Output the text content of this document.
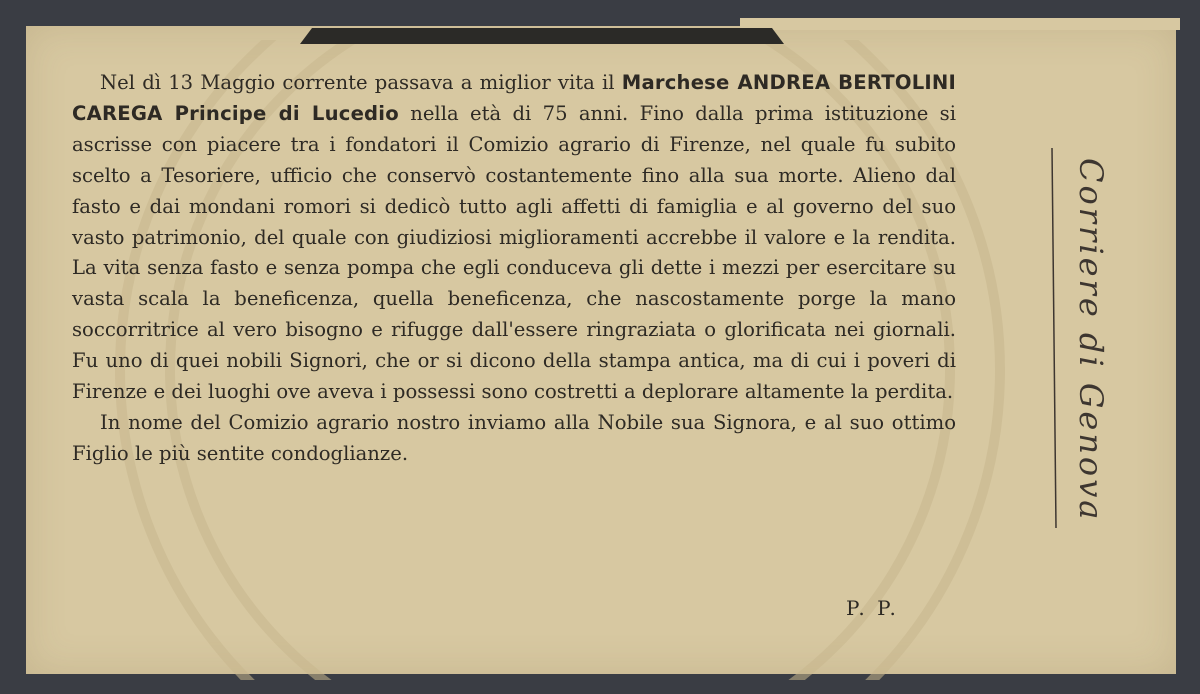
Nel dì 13 Maggio corrente passava a miglior vita il Marchese ANDREA BERTOLINI CAREGA Principe di Lucedio nella età di 75 anni. Fino dalla prima istituzione si ascrisse con piacere tra i fondatori il Comizio agrario di Firenze, nel quale fu subito scelto a Tesoriere, ufficio che conservò costantemente fino alla sua morte. Alieno dal fasto e dai mondani romori si dedicò tutto agli affetti di famiglia e al governo del suo vasto patrimonio, del quale con giudiziosi miglioramenti accrebbe il valore e la rendita. La vita senza fasto e senza pompa che egli conduceva gli dette i mezzi per esercitare su vasta scala la beneficenza, quella beneficenza, che nascostamente porge la mano soccorritrice al vero bisogno e rifugge dall'essere ringraziata o glorificata nei giornali. Fu uno di quei nobili Signori, che or si dicono della stampa antica, ma di cui i poveri di Firenze e dei luoghi ove aveva i possessi sono costretti a deplorare altamente la perdita.

In nome del Comizio agrario nostro inviamo alla Nobile sua Signora, e al suo ottimo Figlio le più sentite condoglianze.

P. P.
Corriere di Genova
